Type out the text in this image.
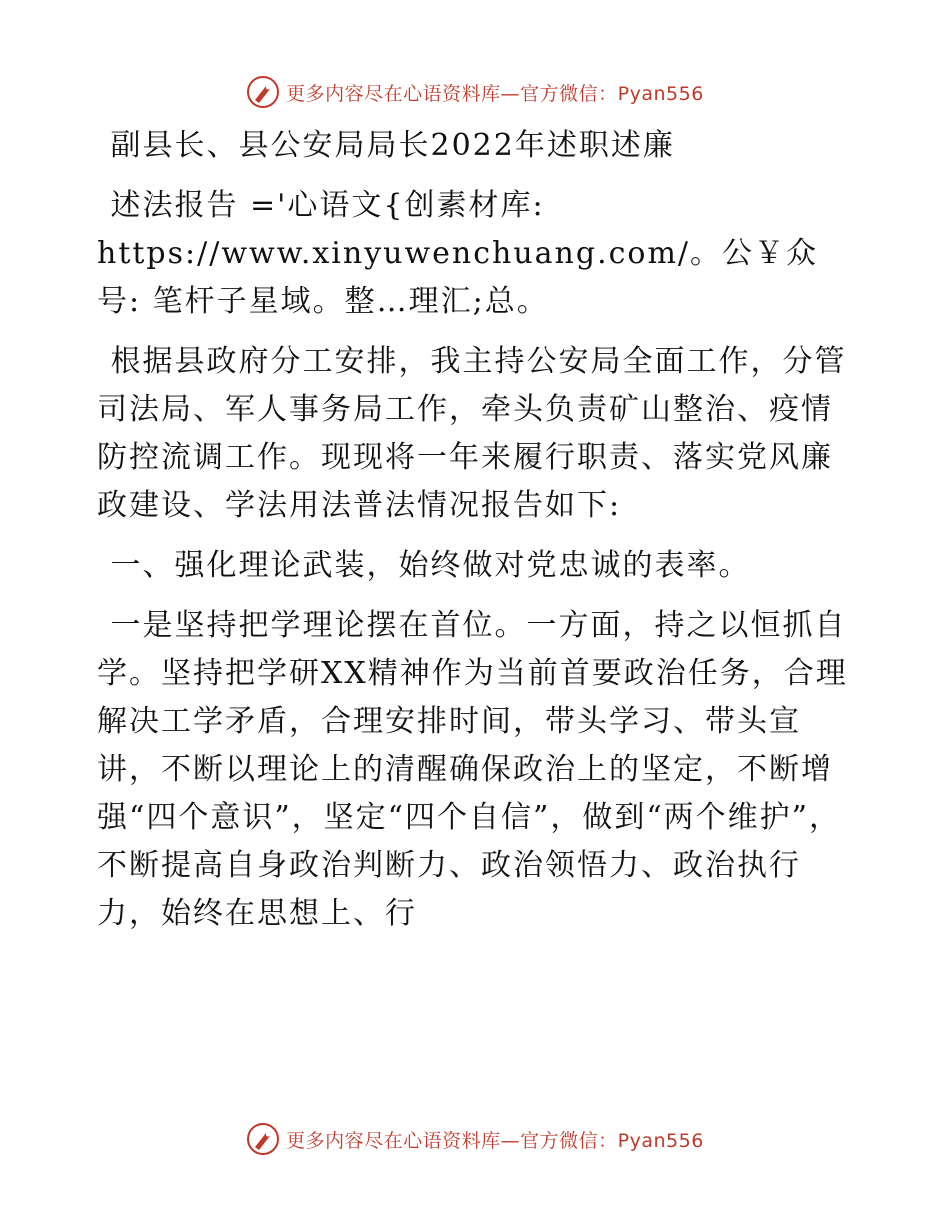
更多内容尽在心语资料库—官方微信：Pyan556

副县长、县公安局局长2022年述职述廉

述法报告 ='心语文{创素材库: https://www.xinyuwenchuang.com/。公￥众号: 笔杆子星域。整…理汇;总。

根据县政府分工安排，我主持公安局全面工作，分管司法局、军人事务局工作，牵头负责矿山整治、疫情防控流调工作。现现将一年来履行职责、落实党风廉政建设、学法用法普法情况报告如下:

一、强化理论武装，始终做对党忠诚的表率。

一是坚持把学理论摆在首位。一方面，持之以恒抓自学。坚持把学研XX精神作为当前首要政治任务，合理解决工学矛盾，合理安排时间，带头学习、带头宣讲，不断以理论上的清醒确保政治上的坚定，不断增强“四个意识”，坚定“四个自信”，做到“两个维护”，不断提高自身政治判断力、政治领悟力、政治执行力，始终在思想上、行

更多内容尽在心语资料库—官方微信：Pyan556
